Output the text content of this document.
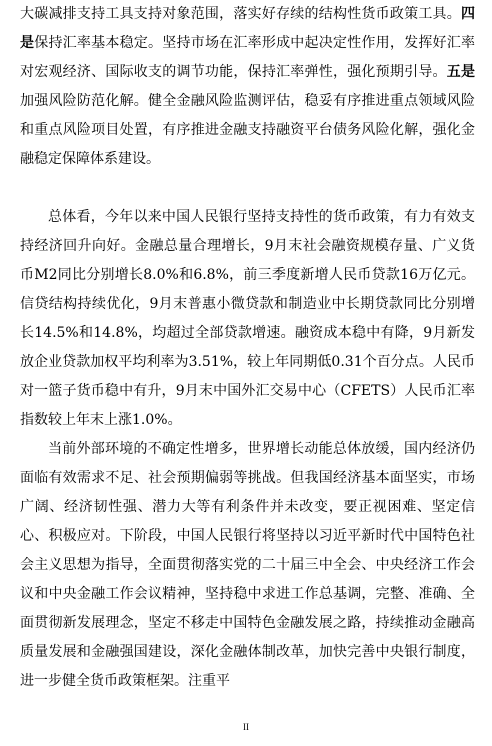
大碳减排支持工具支持对象范围，落实好存续的结构性货币政策工具。四是保持汇率基本稳定。坚持市场在汇率形成中起决定性作用，发挥好汇率对宏观经济、国际收支的调节功能，保持汇率弹性，强化预期引导。五是加强风险防范化解。健全金融风险监测评估，稳妥有序推进重点领域风险和重点风险项目处置，有序推进金融支持融资平台债务风险化解，强化金融稳定保障体系建设。
总体看，今年以来中国人民银行坚持支持性的货币政策，有力有效支持经济回升向好。金融总量合理增长，9月末社会融资规模存量、广义货币M2同比分别增长8.0%和6.8%，前三季度新增人民币贷款16万亿元。信贷结构持续优化，9月末普惠小微贷款和制造业中长期贷款同比分别增长14.5%和14.8%，均超过全部贷款增速。融资成本稳中有降，9月新发放企业贷款加权平均利率为3.51%，较上年同期低0.31个百分点。人民币对一篮子货币稳中有升，9月末中国外汇交易中心（CFETS）人民币汇率指数较上年末上涨1.0%。
当前外部环境的不确定性增多，世界增长动能总体放缓，国内经济仍面临有效需求不足、社会预期偏弱等挑战。但我国经济基本面坚实，市场广阔、经济韧性强、潜力大等有利条件并未改变，要正视困难、坚定信心、积极应对。下阶段，中国人民银行将坚持以习近平新时代中国特色社会主义思想为指导，全面贯彻落实党的二十届三中全会、中央经济工作会议和中央金融工作会议精神，坚持稳中求进工作总基调，完整、准确、全面贯彻新发展理念，坚定不移走中国特色金融发展之路，持续推动金融高质量发展和金融强国建设，深化金融体制改革，加快完善中央银行制度，进一步健全货币政策框架。注重平
II
